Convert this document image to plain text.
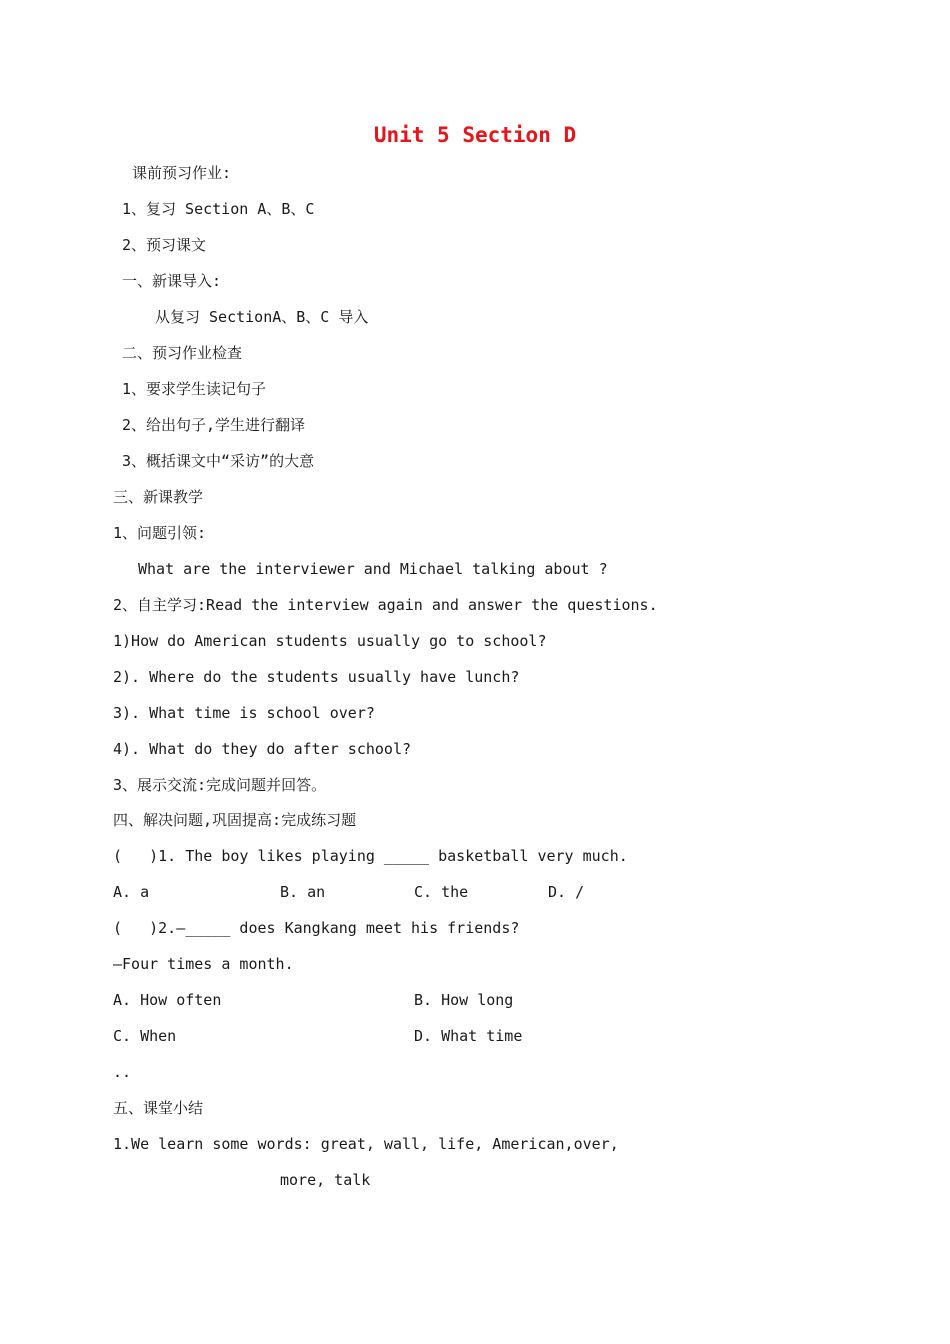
Unit 5 Section D
课前预习作业:
1、复习 Section A、B、C
2、预习课文
一、新课导入:
从复习 SectionA、B、C 导入
二、预习作业检查
1、要求学生读记句子
2、给出句子,学生进行翻译
3、概括课文中“采访”的大意
三、新课教学
1、问题引领:
What are the interviewer and Michael talking about ?
2、自主学习:Read the interview again and answer the questions.
1)How do American students usually go to school?
2). Where do the students usually have lunch?
3). What time is school over?
4). What do they do after school?
3、展示交流:完成问题并回答。
四、解决问题,巩固提高:完成练习题
(   )1. The boy likes playing _____ basketball very much.
A. a	B. an	C. the	D. /
(   )2.—_____ does Kangkang meet his friends?
—Four times a month.
A. How often	B. How long
C. When	D. What time
..
五、课堂小结
1.We learn some words: great, wall, life, American,over,
more, talk
